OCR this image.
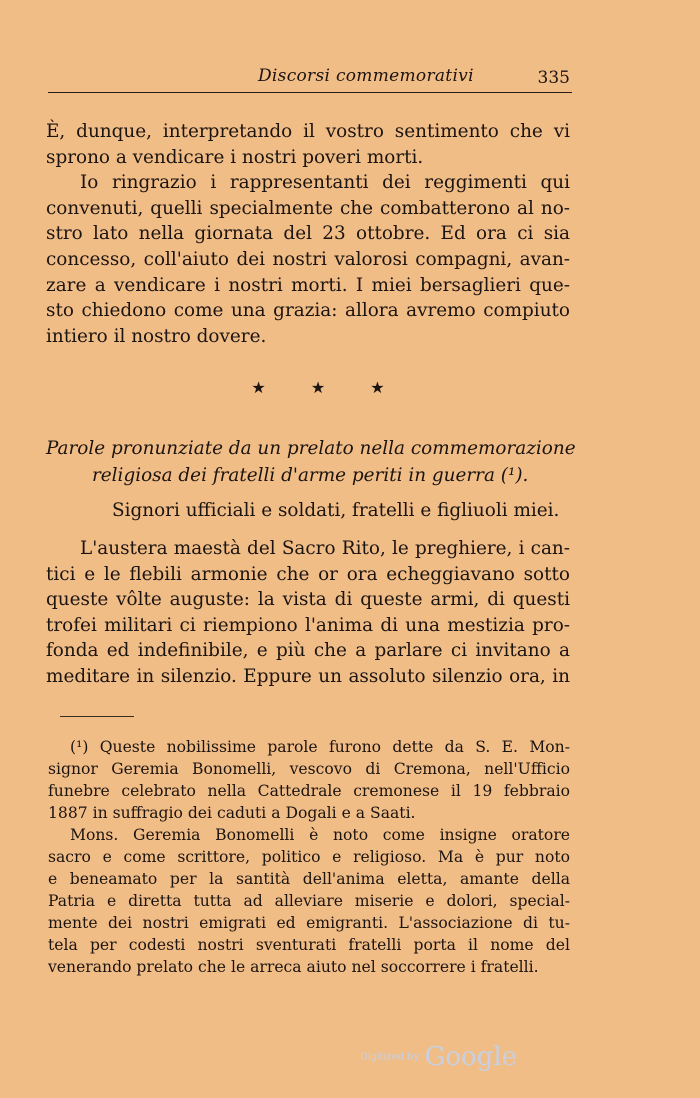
Discorsi commemorativi	335
È, dunque, interpretando il vostro sentimento che vi
sprono a vendicare i nostri poveri morti.
Io ringrazio i rappresentanti dei reggimenti qui
convenuti, quelli specialmente che combatterono al no-
stro lato nella giornata del 23 ottobre. Ed ora ci sia
concesso, coll'aiuto dei nostri valorosi compagni, avan-
zare a vendicare i nostri morti. I miei bersaglieri que-
sto chiedono come una grazia: allora avremo compiuto
intiero il nostro dovere.
★ ★ ★
Parole pronunziate da un prelato nella commemorazione
religiosa dei fratelli d'arme periti in guerra (¹).
Signori ufficiali e soldati, fratelli e figliuoli miei.
L'austera maestà del Sacro Rito, le preghiere, i can-
tici e le flebili armonie che or ora echeggiavano sotto
queste vôlte auguste: la vista di queste armi, di questi
trofei militari ci riempiono l'anima di una mestizia pro-
fonda ed indefinibile, e più che a parlare ci invitano a
meditare in silenzio. Eppure un assoluto silenzio ora, in
(¹) Queste nobilissime parole furono dette da S. E. Mon-
signor Geremia Bonomelli, vescovo di Cremona, nell'Ufficio
funebre celebrato nella Cattedrale cremonese il 19 febbraio
1887 in suffragio dei caduti a Dogali e a Saati.
Mons. Geremia Bonomelli è noto come insigne oratore
sacro e come scrittore, politico e religioso. Ma è pur noto
e beneamato per la santità dell'anima eletta, amante della
Patria e diretta tutta ad alleviare miserie e dolori, special-
mente dei nostri emigrati ed emigranti. L'associazione di tu-
tela per codesti nostri sventurati fratelli porta il nome del
venerando prelato che le arreca aiuto nel soccorrere i fratelli.
Digitized by Google
